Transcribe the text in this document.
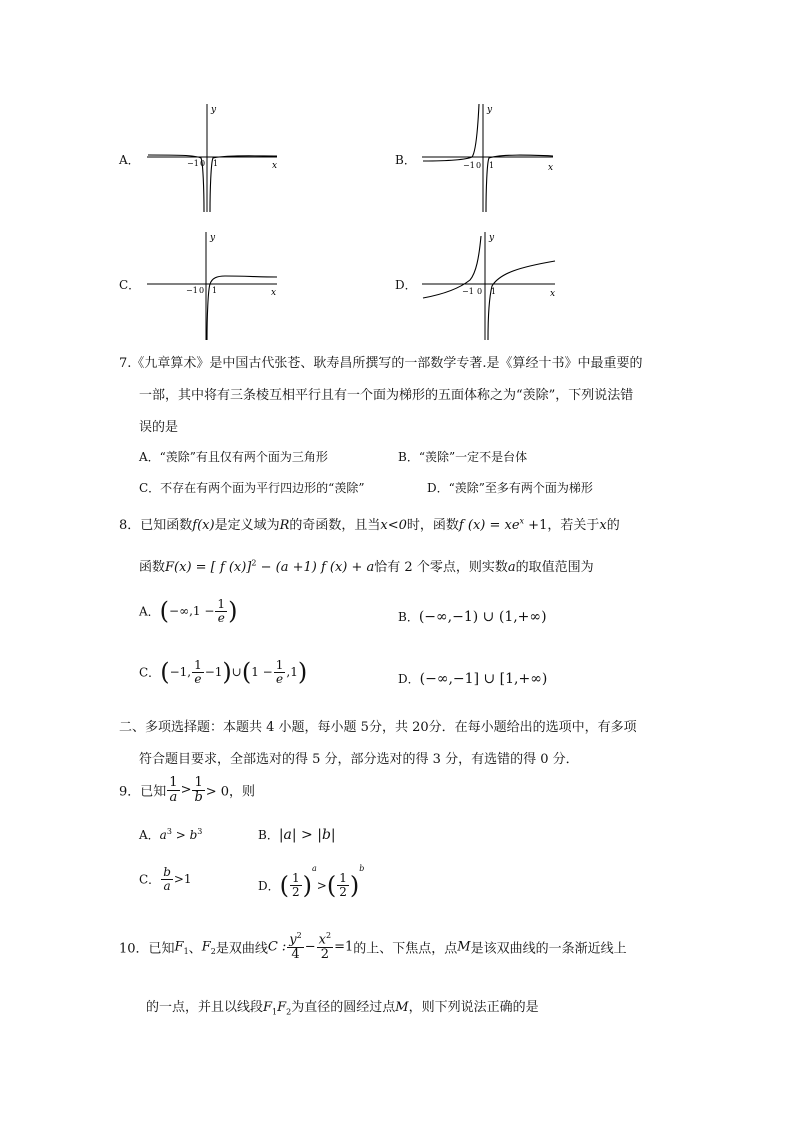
A．	x
y
−1 0 1	B．
x
y
−1 0 1
C．
x
y
−1 0 1	D．
x
y
−1 0 1
7.《九章算术》是中国古代张苍、耿寿昌所撰写的一部数学专著.是《算经十书》中最重要的
一部，其中将有三条棱互相平行且有一个面为梯形的五面体称之为“羡除”，下列说法错
误的是
A．“羡除”有且仅有两个面为三角形	B．“羡除”一定不是台体
C．不存在有两个面为平行四边形的“羡除”	D．“羡除”至多有两个面为梯形
8．已知函数f(x)是定义域为R的奇函数，且当x<0时，函数f $(x) = xe^x +1$，若关于x的
函数F(x) = [ f (x)]$^2$ − (a +1) f (x) + a恰有 2 个零点，则实数a的取值范围为
A．($-\infty,1 - \frac{1}{e}$ )	B．(−∞,−1) ∪ (1,+∞)
C．(−1, $\frac{1}{e}$ −1)∪(1 − $\frac{1}{e} ,1$)	D．(−∞,−1] ∪ [1,+∞)
二、多项选择题：本题共 4 小题，每小题 5分，共 20分．在每小题给出的选项中，有多项
符合题目要求，全部选对的得 5 分，部分选对的得 3 分，有选错的得 0 分．
9．已知 $\frac{1}{a} > \frac{1}{b} > 0$，则
A．$a^3 > b^3$	B．|a| > |b|
C． $\frac{b}{a} >1$	D．( $\frac{1}{2} )^a>( \frac{1}{2} )^b$
10．已知$F_1$、$F_2$是双曲线C : $\frac{y^2}{4} - \frac{x^2}{2} =1$的上、下焦点，点M是该双曲线的一条渐近线上
的一点，并且以线段$F_1F_2$为直径的圆经过点M，则下列说法正确的是
